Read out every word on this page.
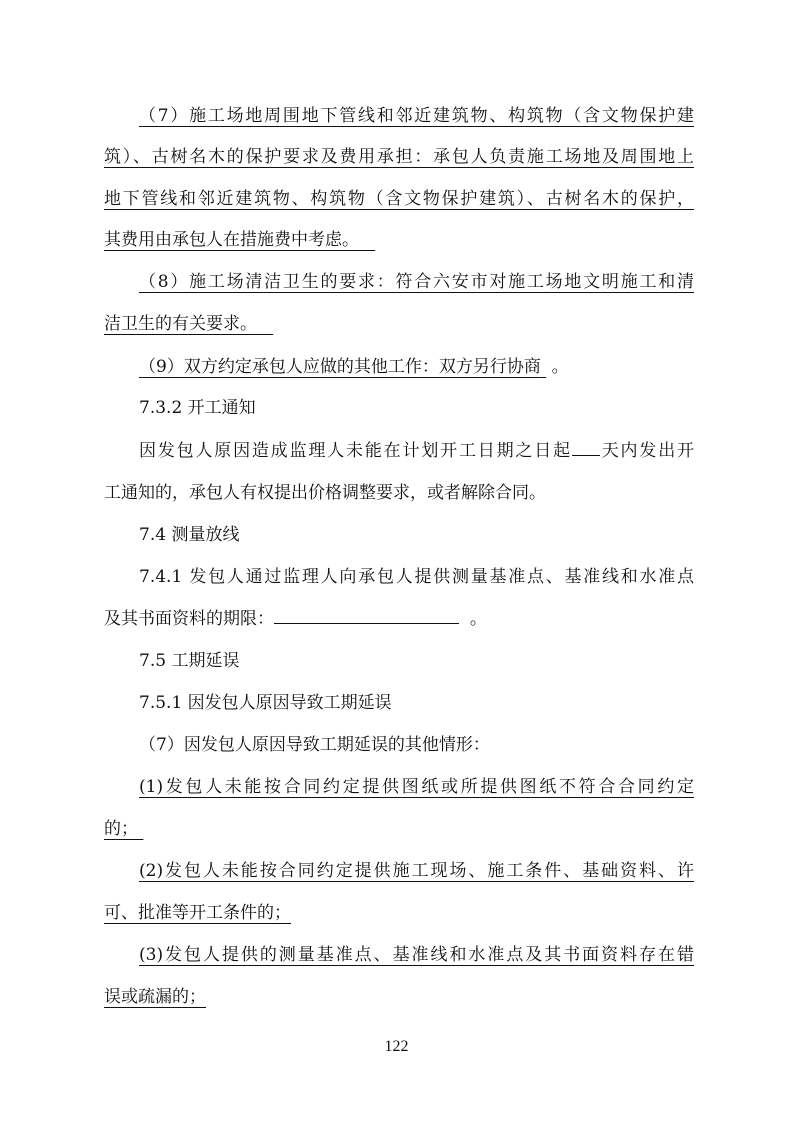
（7）施工场地周围地下管线和邻近建筑物、构筑物（含文物保护建
筑）、古树名木的保护要求及费用承担：承包人负责施工场地及周围地上
地下管线和邻近建筑物、构筑物（含文物保护建筑）、古树名木的保护，
其费用由承包人在措施费中考虑。
（8）施工场清洁卫生的要求：符合六安市对施工场地文明施工和清
洁卫生的有关要求。
（9）双方约定承包人应做的其他工作：双方另行协商 。
7.3.2 开工通知
因发包人原因造成监理人未能在计划开工日期之日起 天内发出开
工通知的，承包人有权提出价格调整要求，或者解除合同。
7.4 测量放线
7.4.1 发包人通过监理人向承包人提供测量基准点、基准线和水准点
及其书面资料的期限：	。
7.5 工期延误
7.5.1 因发包人原因导致工期延误
（7）因发包人原因导致工期延误的其他情形：
(1)发包人未能按合同约定提供图纸或所提供图纸不符合合同约定
的；
(2)发包人未能按合同约定提供施工现场、施工条件、基础资料、许
可、批准等开工条件的；
(3)发包人提供的测量基准点、基准线和水准点及其书面资料存在错
误或疏漏的；
122
